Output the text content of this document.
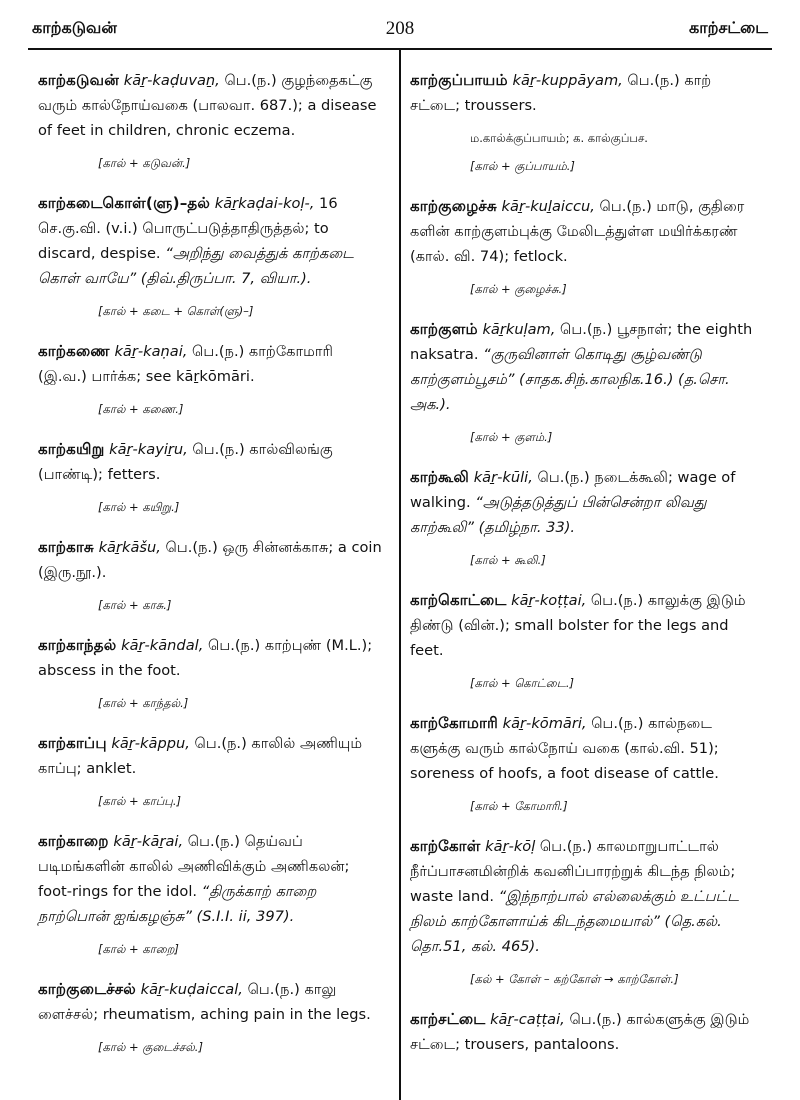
காற்கடுவன்	208	காற்சட்டை

காற்கடுவன் kāṟ-kaḍuvaṉ, பெ.(ந.) குழந்தைகட்கு வரும் கால்நோய்வகை (பாலவா. 687.); a disease of feet in children, chronic eczema.

[கால் + கடுவன்.]

காற்கடைகொள்(ளு)–தல் kāṟkaḍai-koḷ-, 16 செ.கு.வி. (v.i.) பொருட்படுத்தாதிருத்தல்; to discard, despise. “அறிந்து வைத்துக் காற்கடை கொள் வாயே” (திவ்.திருப்பா. 7, வியா.).

[கால் + கடை + கொள்(ளு)–]

காற்கணை kāṟ-kaṇai, பெ.(ந.) காற்கோமாரி (இ.வ.) பார்க்க; see kāṟkōmāri.

[கால் + கணை.]

காற்கயிறு kāṟ-kayiṟu, பெ.(ந.) கால்விலங்கு (பாண்டி); fetters.

[கால் + கயிறு.]

காற்காசு kāṟkāšu, பெ.(ந.) ஒரு சின்னக்காசு; a coin (இரு.நூ.).

[கால் + காசு.]

காற்காந்தல் kāṟ-kāndal, பெ.(ந.) காற்புண் (M.L.); abscess in the foot.

[கால் + காந்தல்.]

காற்காப்பு kāṟ-kāppu, பெ.(ந.) காலில் அணியும் காப்பு; anklet.

[கால் + காப்பு.]

காற்காறை kāṟ-kāṟai, பெ.(ந.) தெய்வப் படிமங்களின் காலில் அணிவிக்கும் அணிகலன்; foot-rings for the idol. “திருக்காற் காறை நாற்பொன் ஐங்கழஞ்சு” (S.I.I. ii, 397).

[கால் + காறை]

காற்குடைச்சல் kāṟ-kuḍaiccal, பெ.(ந.) காலு ளைச்சல்; rheumatism, aching pain in the legs.

[கால் + குடைச்சல்.]

காற்குப்பாயம் kāṟ-kuppāyam, பெ.(ந.) காற் சட்டை; troussers.

ம.கால்க்குப்பாயம்; க. கால்குப்பச.
[கால் + குப்பாயம்.]

காற்குழைச்சு kāṟ-kuḻaiccu, பெ.(ந.) மாடு, குதிரை களின் காற்குளம்புக்கு மேலிடத்துள்ள மயிர்க்கரண் (கால். வி. 74); fetlock.

[கால் + குழைச்சு.]

காற்குளம் kāṟkuḷam, பெ.(ந.) பூசநாள்; the eighth naksatra. “குருவினாள் கொடிது சூழ்வண்டு காற்குளம்பூசம்” (சாதக.சிந்.காலநிக.16.) (த.சொ. அக.).

[கால் + குளம்.]

காற்கூலி kāṟ-kūli, பெ.(ந.) நடைக்கூலி; wage of walking. “அடுத்தடுத்துப் பின்சென்றா லிவது காற்கூலி” (தமிழ்நா. 33).

[கால் + கூலி.]

காற்கொட்டை kāṟ-koṭṭai, பெ.(ந.) காலுக்கு இடும் திண்டு (வின்.); small bolster for the legs and feet.

[கால் + கொட்டை.]

காற்கோமாரி kāṟ-kōmāri, பெ.(ந.) கால்நடை களுக்கு வரும் கால்நோய் வகை (கால்.வி. 51); soreness of hoofs, a foot disease of cattle.

[கால் + கோமாரி.]

காற்கோள் kāṟ-kōḷ பெ.(ந.) காலமாறுபாட்டால் நீர்ப்பாசனமின்றிக் கவனிப்பாரற்றுக் கிடந்த நிலம்; waste land. “இந்நாற்பால் எல்லைக்கும் உட்பட்ட நிலம் காற்கோளாய்க் கிடந்தமையால்” (தெ.கல். தொ.51, கல். 465).

[கல் + கோள் – கற்கோள் → காற்கோள்.]

காற்சட்டை kāṟ-caṭṭai, பெ.(ந.) கால்களுக்கு இடும் சட்டை; trousers, pantaloons.
